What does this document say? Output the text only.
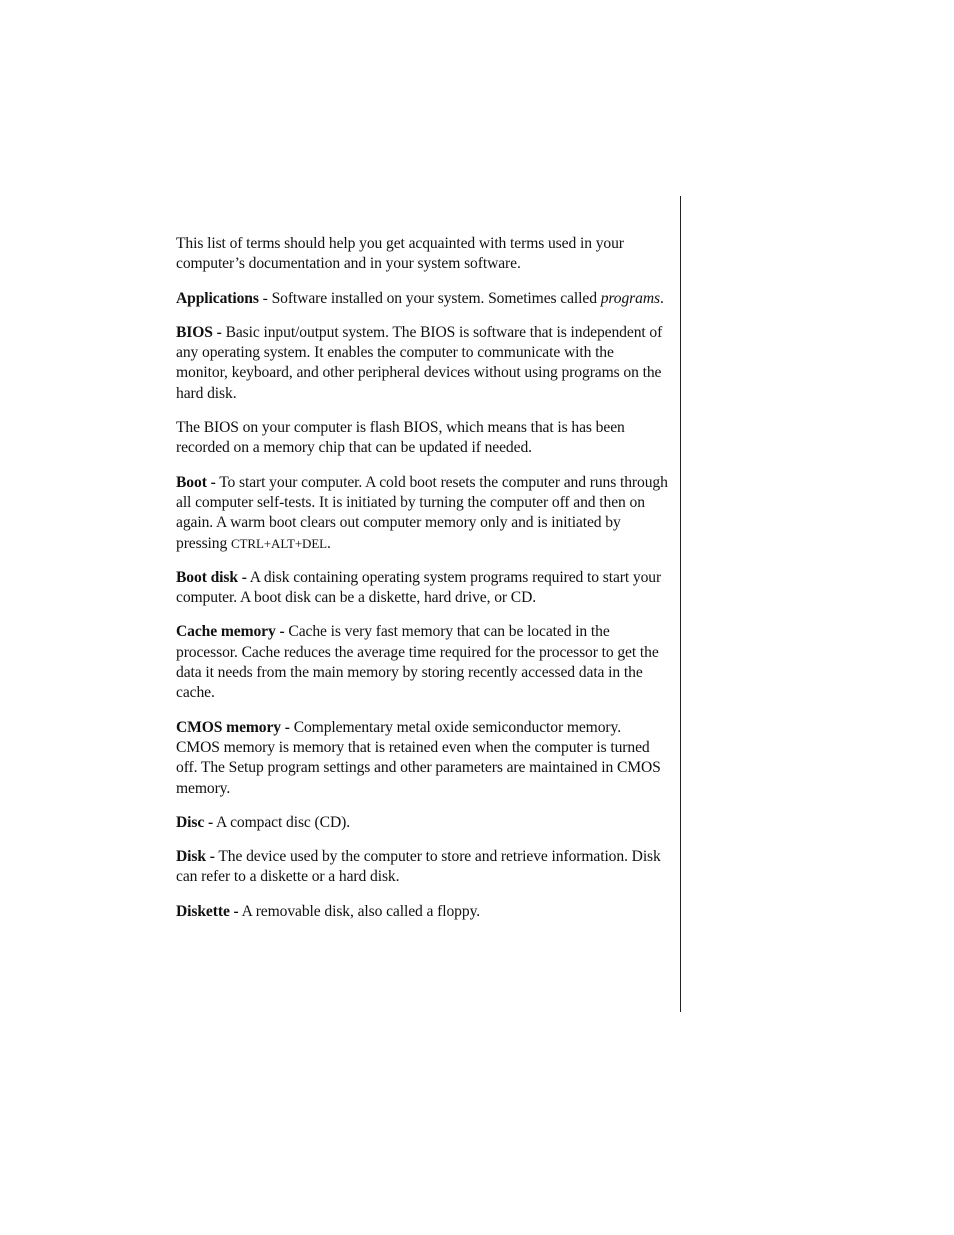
This list of terms should help you get acquainted with terms used in your computer’s documentation and in your system software.

Applications - Software installed on your system. Sometimes called programs.

BIOS - Basic input/output system. The BIOS is software that is independent of any operating system. It enables the computer to communicate with the monitor, keyboard, and other peripheral devices without using programs on the hard disk.

The BIOS on your computer is flash BIOS, which means that is has been recorded on a memory chip that can be updated if needed.

Boot - To start your computer. A cold boot resets the computer and runs through all computer self-tests. It is initiated by turning the computer off and then on again. A warm boot clears out computer memory only and is initiated by pressing CTRL+ALT+DEL.

Boot disk - A disk containing operating system programs required to start your computer. A boot disk can be a diskette, hard drive, or CD.

Cache memory - Cache is very fast memory that can be located in the processor. Cache reduces the average time required for the processor to get the data it needs from the main memory by storing recently accessed data in the cache.

CMOS memory - Complementary metal oxide semiconductor memory. CMOS memory is memory that is retained even when the computer is turned off. The Setup program settings and other parameters are maintained in CMOS memory.

Disc - A compact disc (CD).

Disk - The device used by the computer to store and retrieve information. Disk can refer to a diskette or a hard disk.

Diskette - A removable disk, also called a floppy.
